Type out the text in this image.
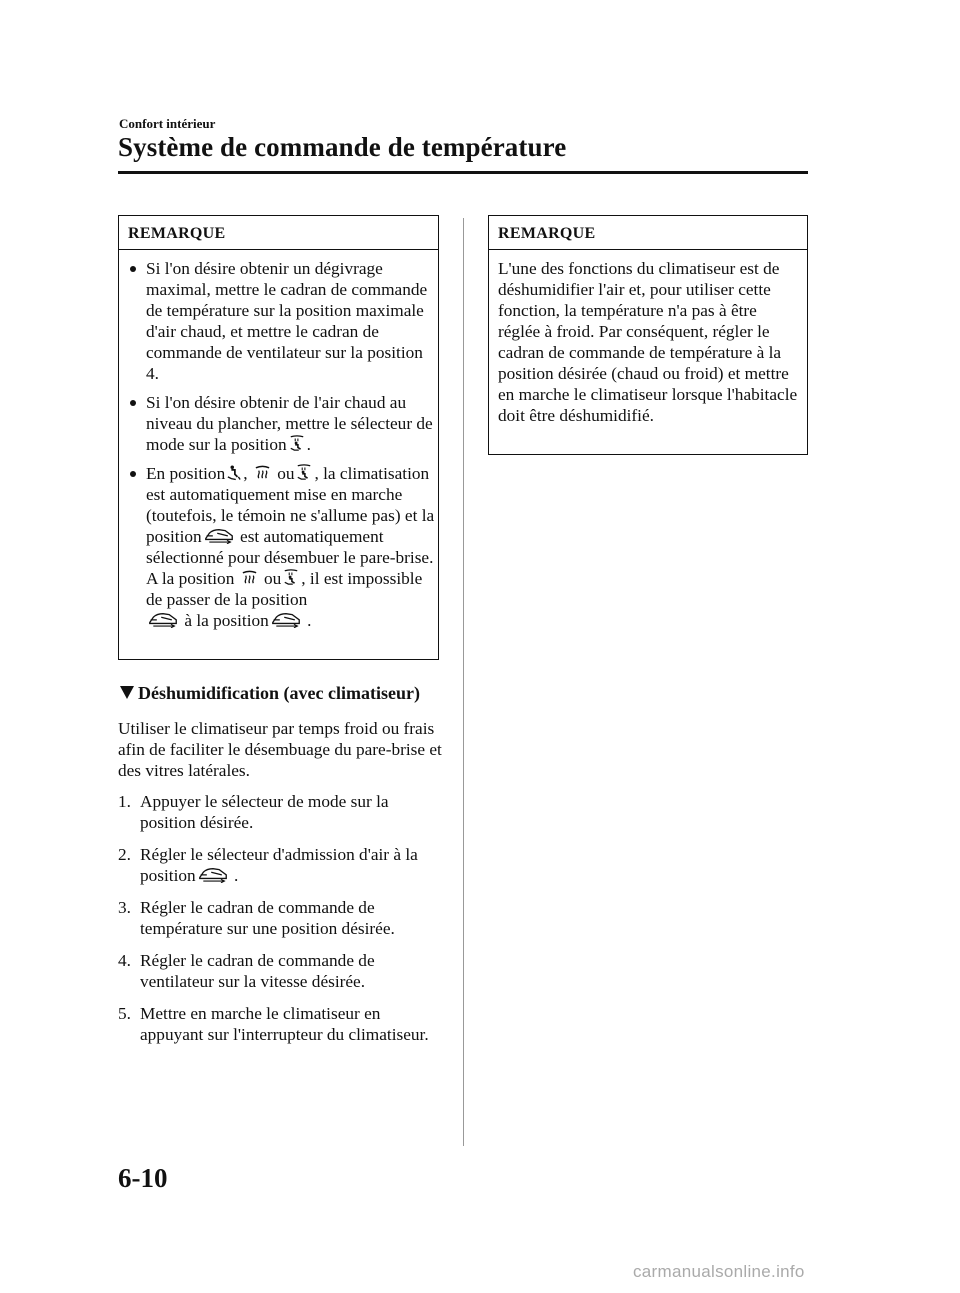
Confort intérieur
Système de commande de température
REMARQUE
Si l'on désire obtenir un dégivrage maximal, mettre le cadran de commande de température sur la position maximale d'air chaud, et mettre le cadran de commande de ventilateur sur la position 4.
Si l'on désire obtenir de l'air chaud au niveau du plancher, mettre le sélecteur de mode sur la position .
En position , ou , la climatisation est automatiquement mise en marche (toutefois, le témoin ne s'allume pas) et la position est automatiquement sélectionné pour désembuer le pare-brise.
A la position ou , il est impossible de passer de la position
à la position .
Déshumidification (avec climatiseur)
Utiliser le climatiseur par temps froid ou frais afin de faciliter le désembuage du pare-brise et des vitres latérales.
1. Appuyer le sélecteur de mode sur la position désirée.
2. Régler le sélecteur d'admission d'air à la position .
3. Régler le cadran de commande de température sur une position désirée.
4. Régler le cadran de commande de ventilateur sur la vitesse désirée.
5. Mettre en marche le climatiseur en appuyant sur l'interrupteur du climatiseur.
REMARQUE
L'une des fonctions du climatiseur est de déshumidifier l'air et, pour utiliser cette fonction, la température n'a pas à être réglée à froid. Par conséquent, régler le cadran de commande de température à la position désirée (chaud ou froid) et mettre en marche le climatiseur lorsque l'habitacle doit être déshumidifié.
6-10
carmanualsonline.info
